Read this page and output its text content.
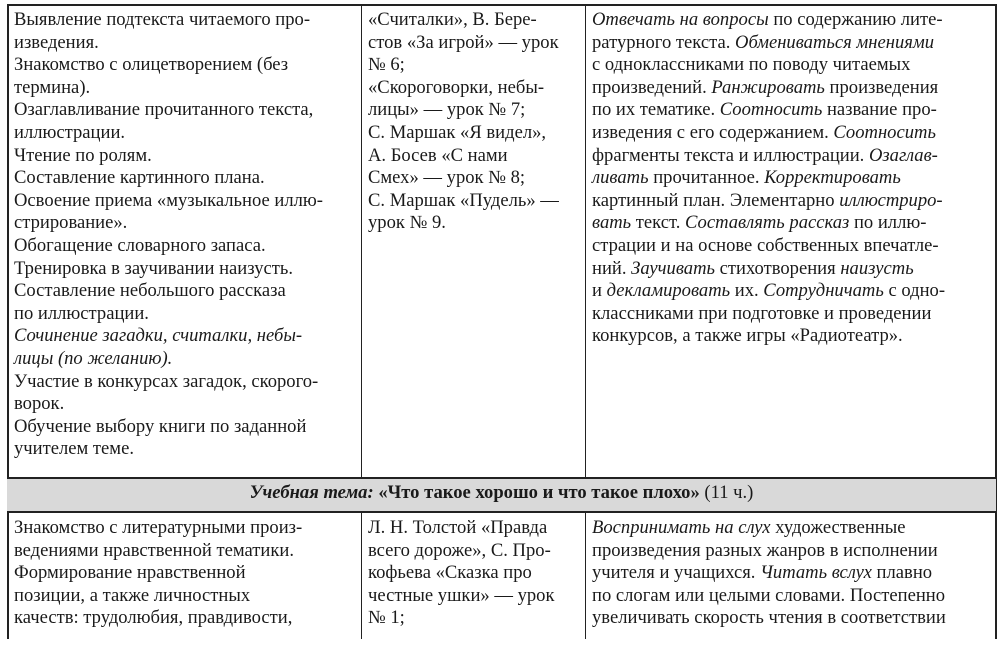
Учебная тема: «Что такое хорошо и что такое плохо» (11 ч.)
Выявление подтекста читаемого про-
изведения.
Знакомство с олицетворением (без
термина).
Озаглавливание прочитанного текста,
иллюстрации.
Чтение по ролям.
Составление картинного плана.
Освоение приема «музыкальное иллю-
стрирование».
Обогащение словарного запаса.
Тренировка в заучивании наизусть.
Составление небольшого рассказа
по иллюстрации.
Сочинение загадки, считалки, небы-
лицы (по желанию).
Участие в конкурсах загадок, скорого-
ворок.
Обучение выбору книги по заданной
учителем теме.
«Считалки», В. Бере-
стов «За игрой» — урок
№ 6;
«Скороговорки, небы-
лицы» — урок № 7;
С. Маршак «Я видел»,
А. Босев «С нами
Смех» — урок № 8;
С. Маршак «Пудель» —
урок № 9.
Отвечать на вопросы по содержанию лите-
ратурного текста. Обмениваться мнениями
с одноклассниками по поводу читаемых
произведений. Ранжировать произведения
по их тематике. Соотносить название про-
изведения с его содержанием. Соотносить
фрагменты текста и иллюстрации. Озаглав-
ливать прочитанное. Корректировать
картинный план. Элементарно иллюстриро-
вать текст. Составлять рассказ по иллю-
страции и на основе собственных впечатле-
ний. Заучивать стихотворения наизусть
и декламировать их. Сотрудничать с одно-
классниками при подготовке и проведении
конкурсов, а также игры «Радиотеатр».
Знакомство с литературными произ-
ведениями нравственной тематики.
Формирование нравственной
позиции, а также личностных
качеств: трудолюбия, правдивости,
Л. Н. Толстой «Правда
всего дороже», С. Про-
кофьева «Сказка про
честные ушки» — урок
№ 1;
Воспринимать на слух художественные
произведения разных жанров в исполнении
учителя и учащихся. Читать вслух плавно
по слогам или целыми словами. Постепенно
увеличивать скорость чтения в соответствии
